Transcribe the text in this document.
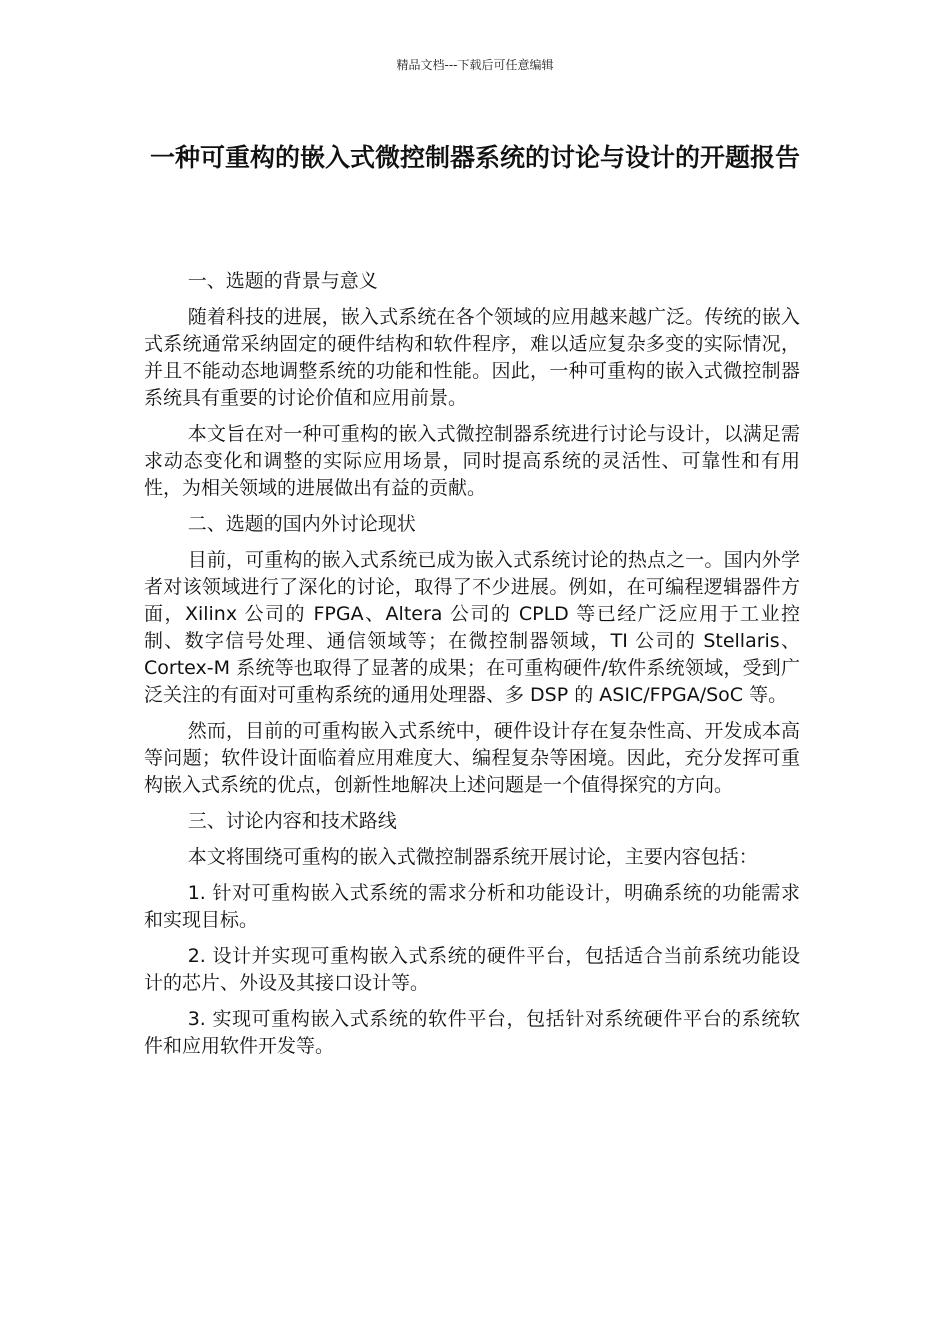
精品文档---下载后可任意编辑
一种可重构的嵌入式微控制器系统的讨论与设计的开题报告
一、选题的背景与意义
随着科技的进展，嵌入式系统在各个领域的应用越来越广泛。传统的嵌入式系统通常采纳固定的硬件结构和软件程序，难以适应复杂多变的实际情况，并且不能动态地调整系统的功能和性能。因此，一种可重构的嵌入式微控制器系统具有重要的讨论价值和应用前景。
本文旨在对一种可重构的嵌入式微控制器系统进行讨论与设计，以满足需求动态变化和调整的实际应用场景，同时提高系统的灵活性、可靠性和有用性，为相关领域的进展做出有益的贡献。
二、选题的国内外讨论现状
目前，可重构的嵌入式系统已成为嵌入式系统讨论的热点之一。国内外学者对该领域进行了深化的讨论，取得了不少进展。例如，在可编程逻辑器件方面，Xilinx 公司的 FPGA、Altera 公司的 CPLD 等已经广泛应用于工业控制、数字信号处理、通信领域等；在微控制器领域，TI 公司的 Stellaris、Cortex-M 系统等也取得了显著的成果；在可重构硬件/软件系统领域，受到广泛关注的有面对可重构系统的通用处理器、多 DSP 的 ASIC/FPGA/SoC 等。
然而，目前的可重构嵌入式系统中，硬件设计存在复杂性高、开发成本高等问题；软件设计面临着应用难度大、编程复杂等困境。因此，充分发挥可重构嵌入式系统的优点，创新性地解决上述问题是一个值得探究的方向。
三、讨论内容和技术路线
本文将围绕可重构的嵌入式微控制器系统开展讨论，主要内容包括：
1. 针对可重构嵌入式系统的需求分析和功能设计，明确系统的功能需求和实现目标。
2. 设计并实现可重构嵌入式系统的硬件平台，包括适合当前系统功能设计的芯片、外设及其接口设计等。
3. 实现可重构嵌入式系统的软件平台，包括针对系统硬件平台的系统软件和应用软件开发等。
